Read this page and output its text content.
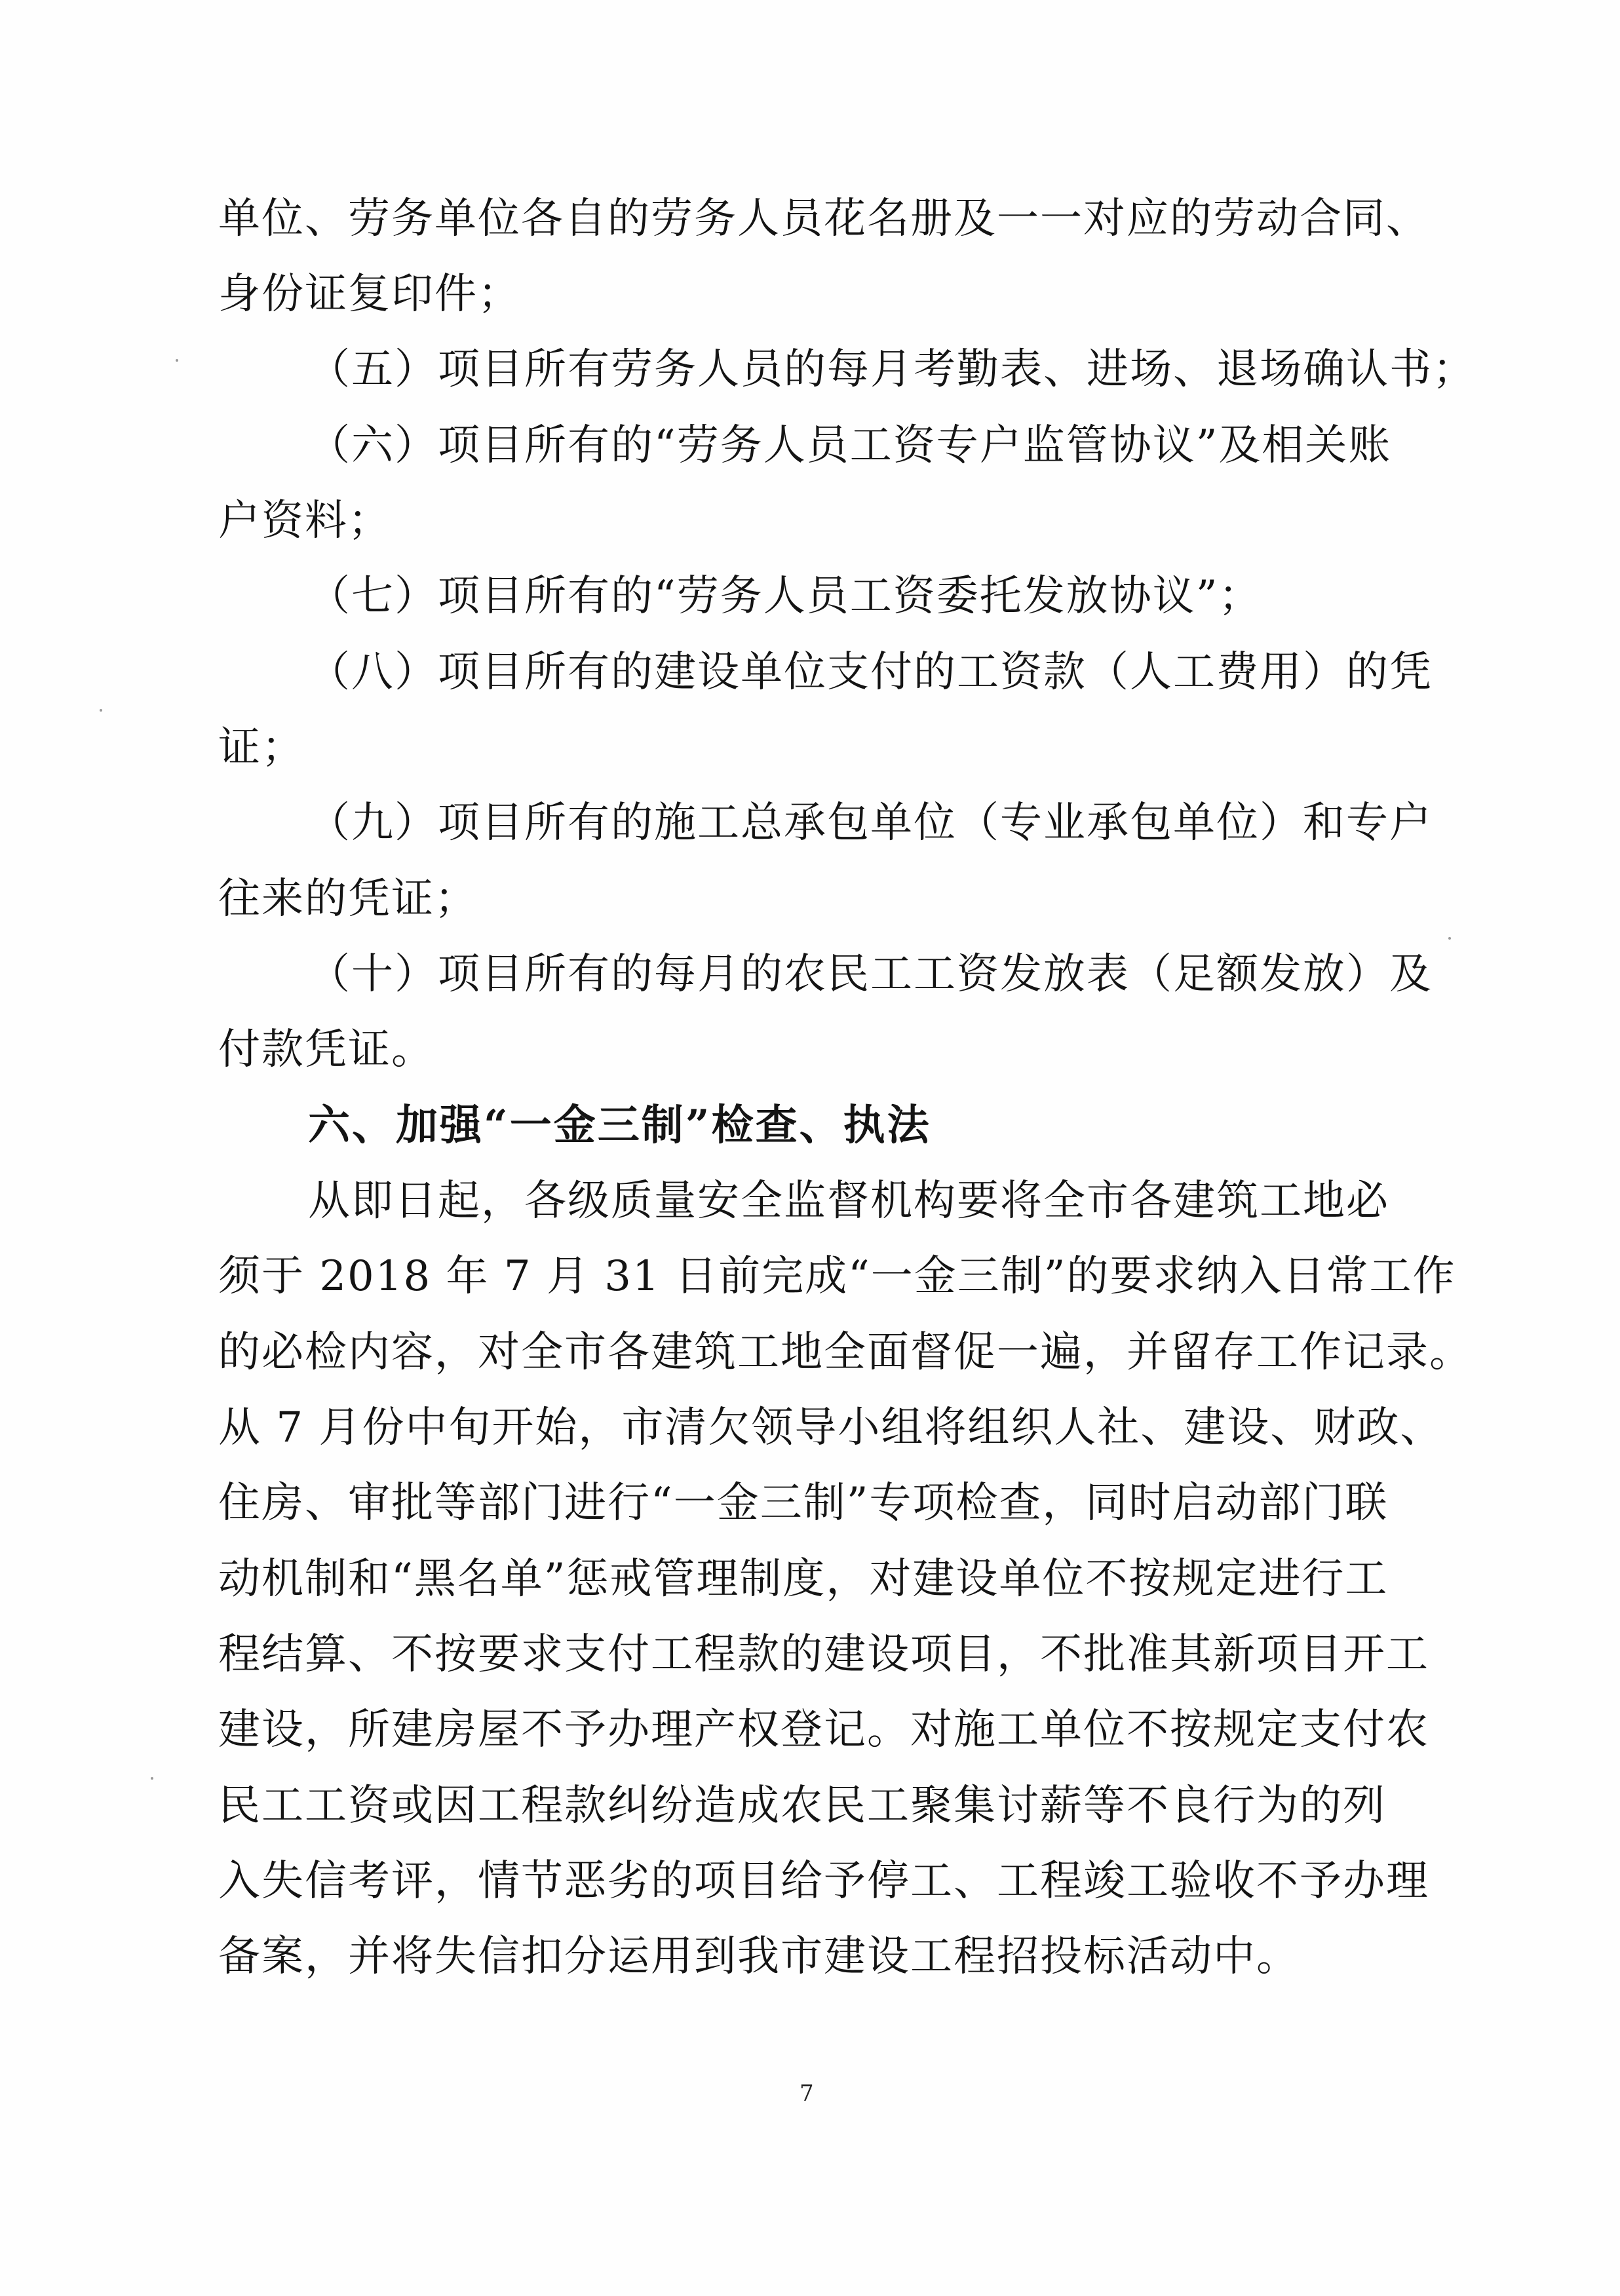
单位、劳务单位各自的劳务人员花名册及一一对应的劳动合同、
身份证复印件；
（五）项目所有劳务人员的每月考勤表、进场、退场确认书；
（六）项目所有的“劳务人员工资专户监管协议”及相关账
户资料；
（七）项目所有的“劳务人员工资委托发放协议”；
（八）项目所有的建设单位支付的工资款（人工费用）的凭
证；
（九）项目所有的施工总承包单位（专业承包单位）和专户
往来的凭证；
（十）项目所有的每月的农民工工资发放表（足额发放）及
付款凭证。
六、加强“一金三制”检查、执法
从即日起，各级质量安全监督机构要将全市各建筑工地必
须于 2018 年 7 月 31 日前完成“一金三制”的要求纳入日常工作
的必检内容，对全市各建筑工地全面督促一遍，并留存工作记录。
从 7 月份中旬开始，市清欠领导小组将组织人社、建设、财政、
住房、审批等部门进行“一金三制”专项检查，同时启动部门联
动机制和“黑名单”惩戒管理制度，对建设单位不按规定进行工
程结算、不按要求支付工程款的建设项目，不批准其新项目开工
建设，所建房屋不予办理产权登记。对施工单位不按规定支付农
民工工资或因工程款纠纷造成农民工聚集讨薪等不良行为的列
入失信考评，情节恶劣的项目给予停工、工程竣工验收不予办理
备案，并将失信扣分运用到我市建设工程招投标活动中。
7
